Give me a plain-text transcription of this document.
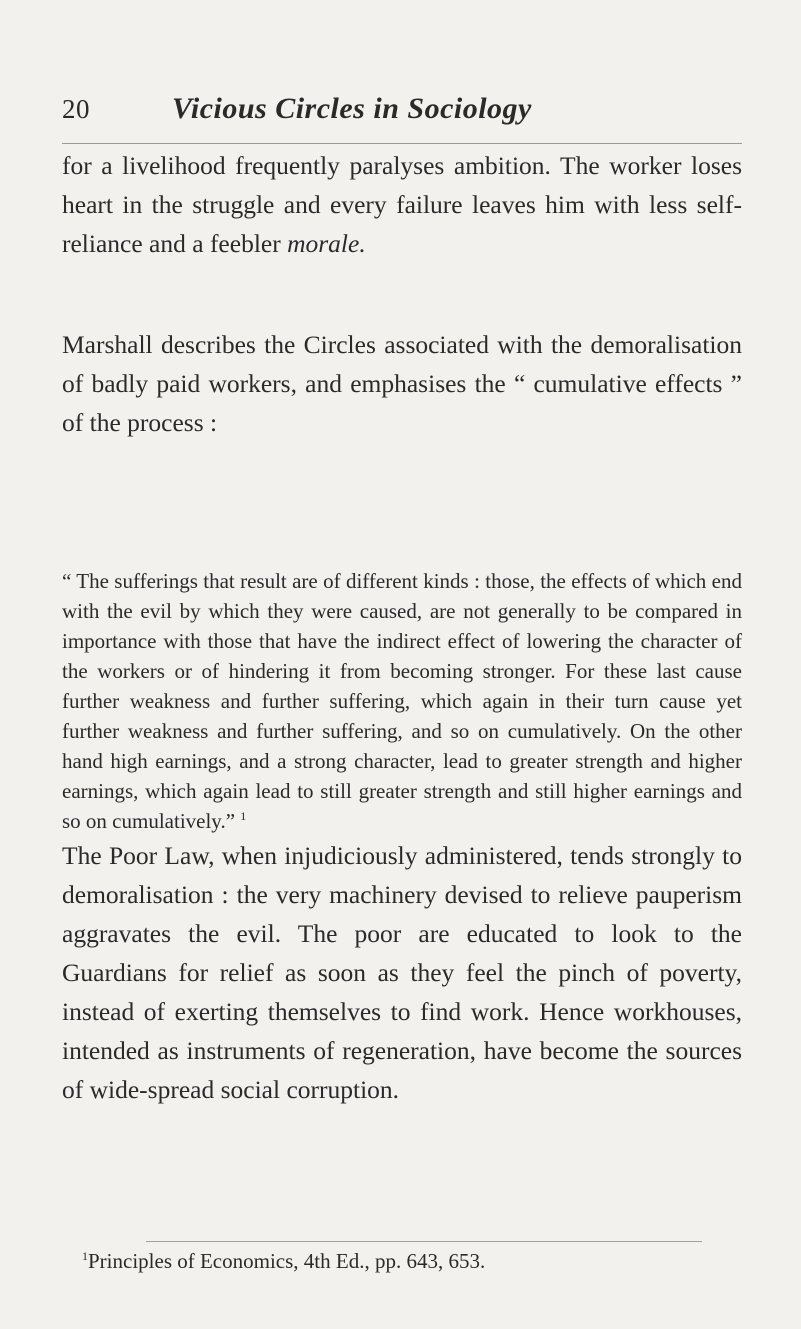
20	Vicious Circles in Sociology

for a livelihood frequently paralyses ambition. The worker loses heart in the struggle and every failure leaves him with less self-reliance and a feebler morale.

Marshall describes the Circles associated with the demoralisation of badly paid workers, and emphasises the “ cumulative effects ” of the process :

“ The sufferings that result are of different kinds : those, the effects of which end with the evil by which they were caused, are not generally to be compared in importance with those that have the indirect effect of lowering the character of the workers or of hindering it from becoming stronger. For these last cause further weakness and further suffering, which again in their turn cause yet further weakness and further suffering, and so on cumulatively. On the other hand high earnings, and a strong character, lead to greater strength and higher earnings, which again lead to still greater strength and still higher earnings and so on cumulatively.” $^1$

The Poor Law, when injudiciously administered, tends strongly to demoralisation : the very machinery devised to relieve pauperism aggravates the evil. The poor are educated to look to the Guardians for relief as soon as they feel the pinch of poverty, instead of exerting themselves to find work. Hence workhouses, intended as instruments of regeneration, have become the sources of wide-spread social corruption.

$^1$Principles of Economics, 4th Ed., pp. 643, 653.
